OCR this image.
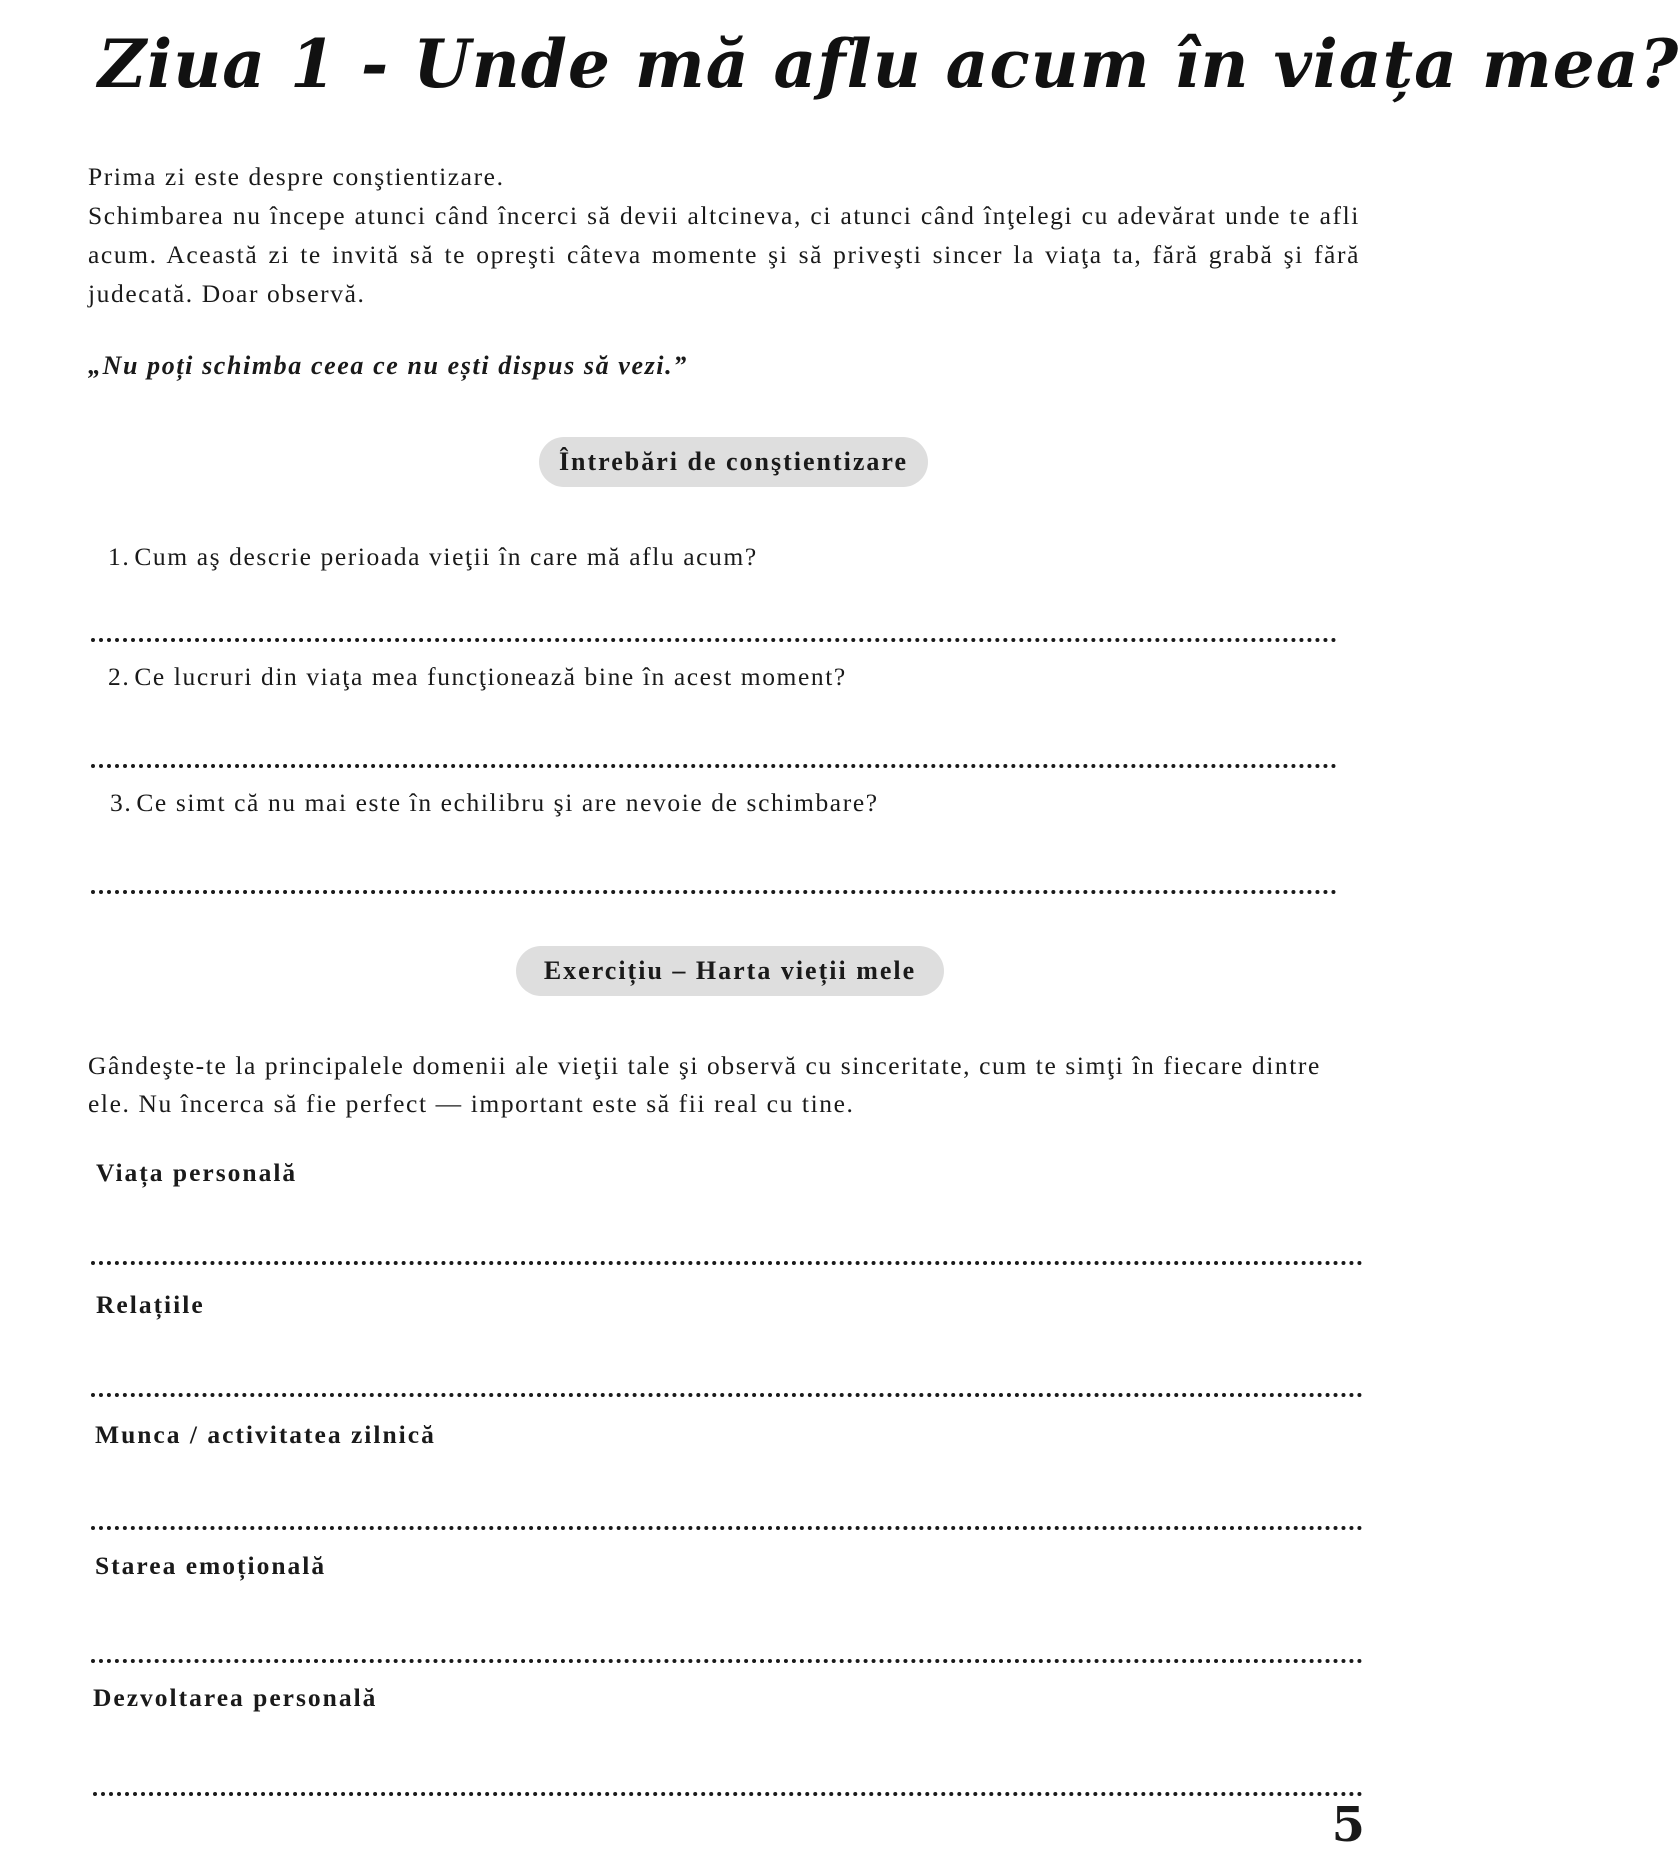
Ziua 1 - Unde mă aflu acum în viața mea?

Prima zi este despre conştientizare.

Schimbarea nu începe atunci când încerci să devii altcineva, ci atunci când înţelegi cu adevărat unde te afli acum. Această zi te invită să te opreşti câteva momente şi să priveşti sincer la viaţa ta, fără grabă şi fără judecată. Doar observă.

„Nu poți schimba ceea ce nu ești dispus să vezi.”
Întrebări de conştientizare
1. Cum aş descrie perioada vieţii în care mă aflu acum?
2. Ce lucruri din viaţa mea funcţionează bine în acest moment?
3. Ce simt că nu mai este în echilibru şi are nevoie de schimbare?
Exercițiu – Harta vieții mele

Gândeşte-te la principalele domenii ale vieţii tale şi observă cu sinceritate, cum te simţi în fiecare dintre ele. Nu încerca să fie perfect — important este să fii real cu tine.

Viața personală
Relațiile
Munca / activitatea zilnică
Starea emoțională
Dezvoltarea personală
5
